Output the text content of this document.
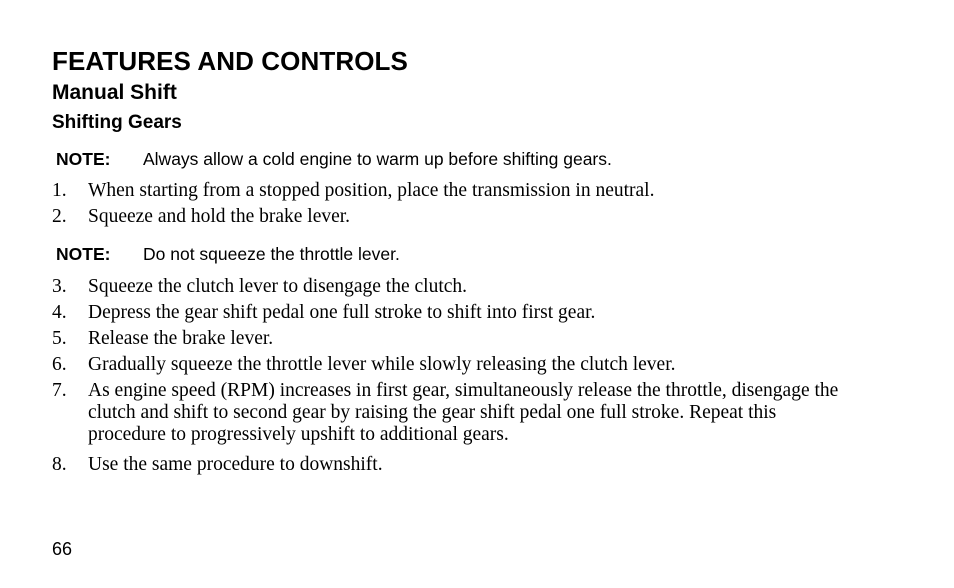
FEATURES AND CONTROLS
Manual Shift
Shifting Gears
NOTE: Always allow a cold engine to warm up before shifting gears.
1. When starting from a stopped position, place the transmission in neutral.
2. Squeeze and hold the brake lever.
NOTE: Do not squeeze the throttle lever.
3. Squeeze the clutch lever to disengage the clutch.
4. Depress the gear shift pedal one full stroke to shift into first gear.
5. Release the brake lever.
6. Gradually squeeze the throttle lever while slowly releasing the clutch lever.
7. As engine speed (RPM) increases in first gear, simultaneously release the throttle, disengage the clutch and shift to second gear by raising the gear shift pedal one full stroke. Repeat this procedure to progressively upshift to additional gears.
8. Use the same procedure to downshift.
66
